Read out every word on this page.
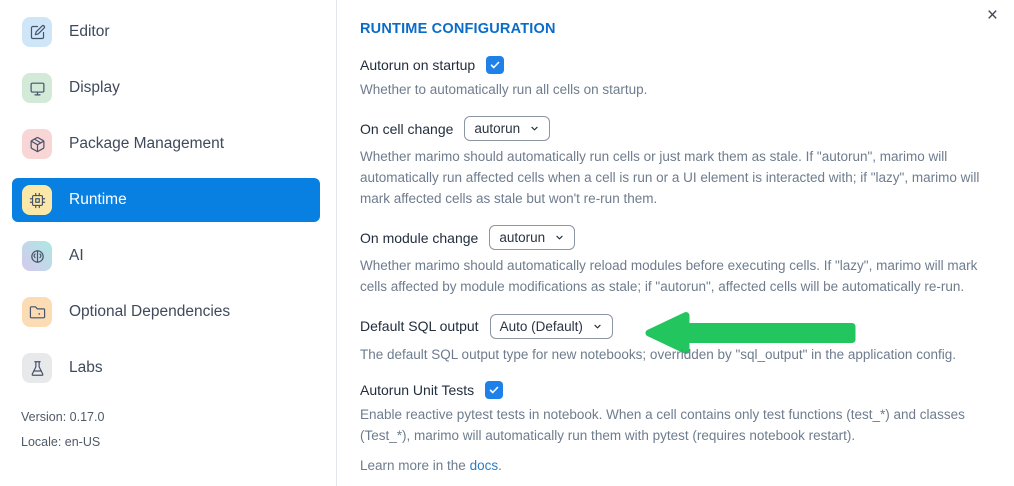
Editor
Display
Package Management
Runtime
AI
Optional Dependencies
Labs
Version: 0.17.0
Locale: en-US
×
RUNTIME CONFIGURATION
Autorun on startup
Whether to automatically run all cells on startup.
On cell change autorun
Whether marimo should automatically run cells or just mark them as stale. If "autorun", marimo will automatically run affected cells when a cell is run or a UI element is interacted with; if "lazy", marimo will mark affected cells as stale but won't re-run them.
On module change autorun
Whether marimo should automatically reload modules before executing cells. If "lazy", marimo will mark cells affected by module modifications as stale; if "autorun", affected cells will be automatically re-run.
Default SQL output Auto (Default)
The default SQL output type for new notebooks; overridden by "sql_output" in the application config.
Autorun Unit Tests
Enable reactive pytest tests in notebook. When a cell contains only test functions (test_*) and classes (Test_*), marimo will automatically run them with pytest (requires notebook restart).
Learn more in the docs.
